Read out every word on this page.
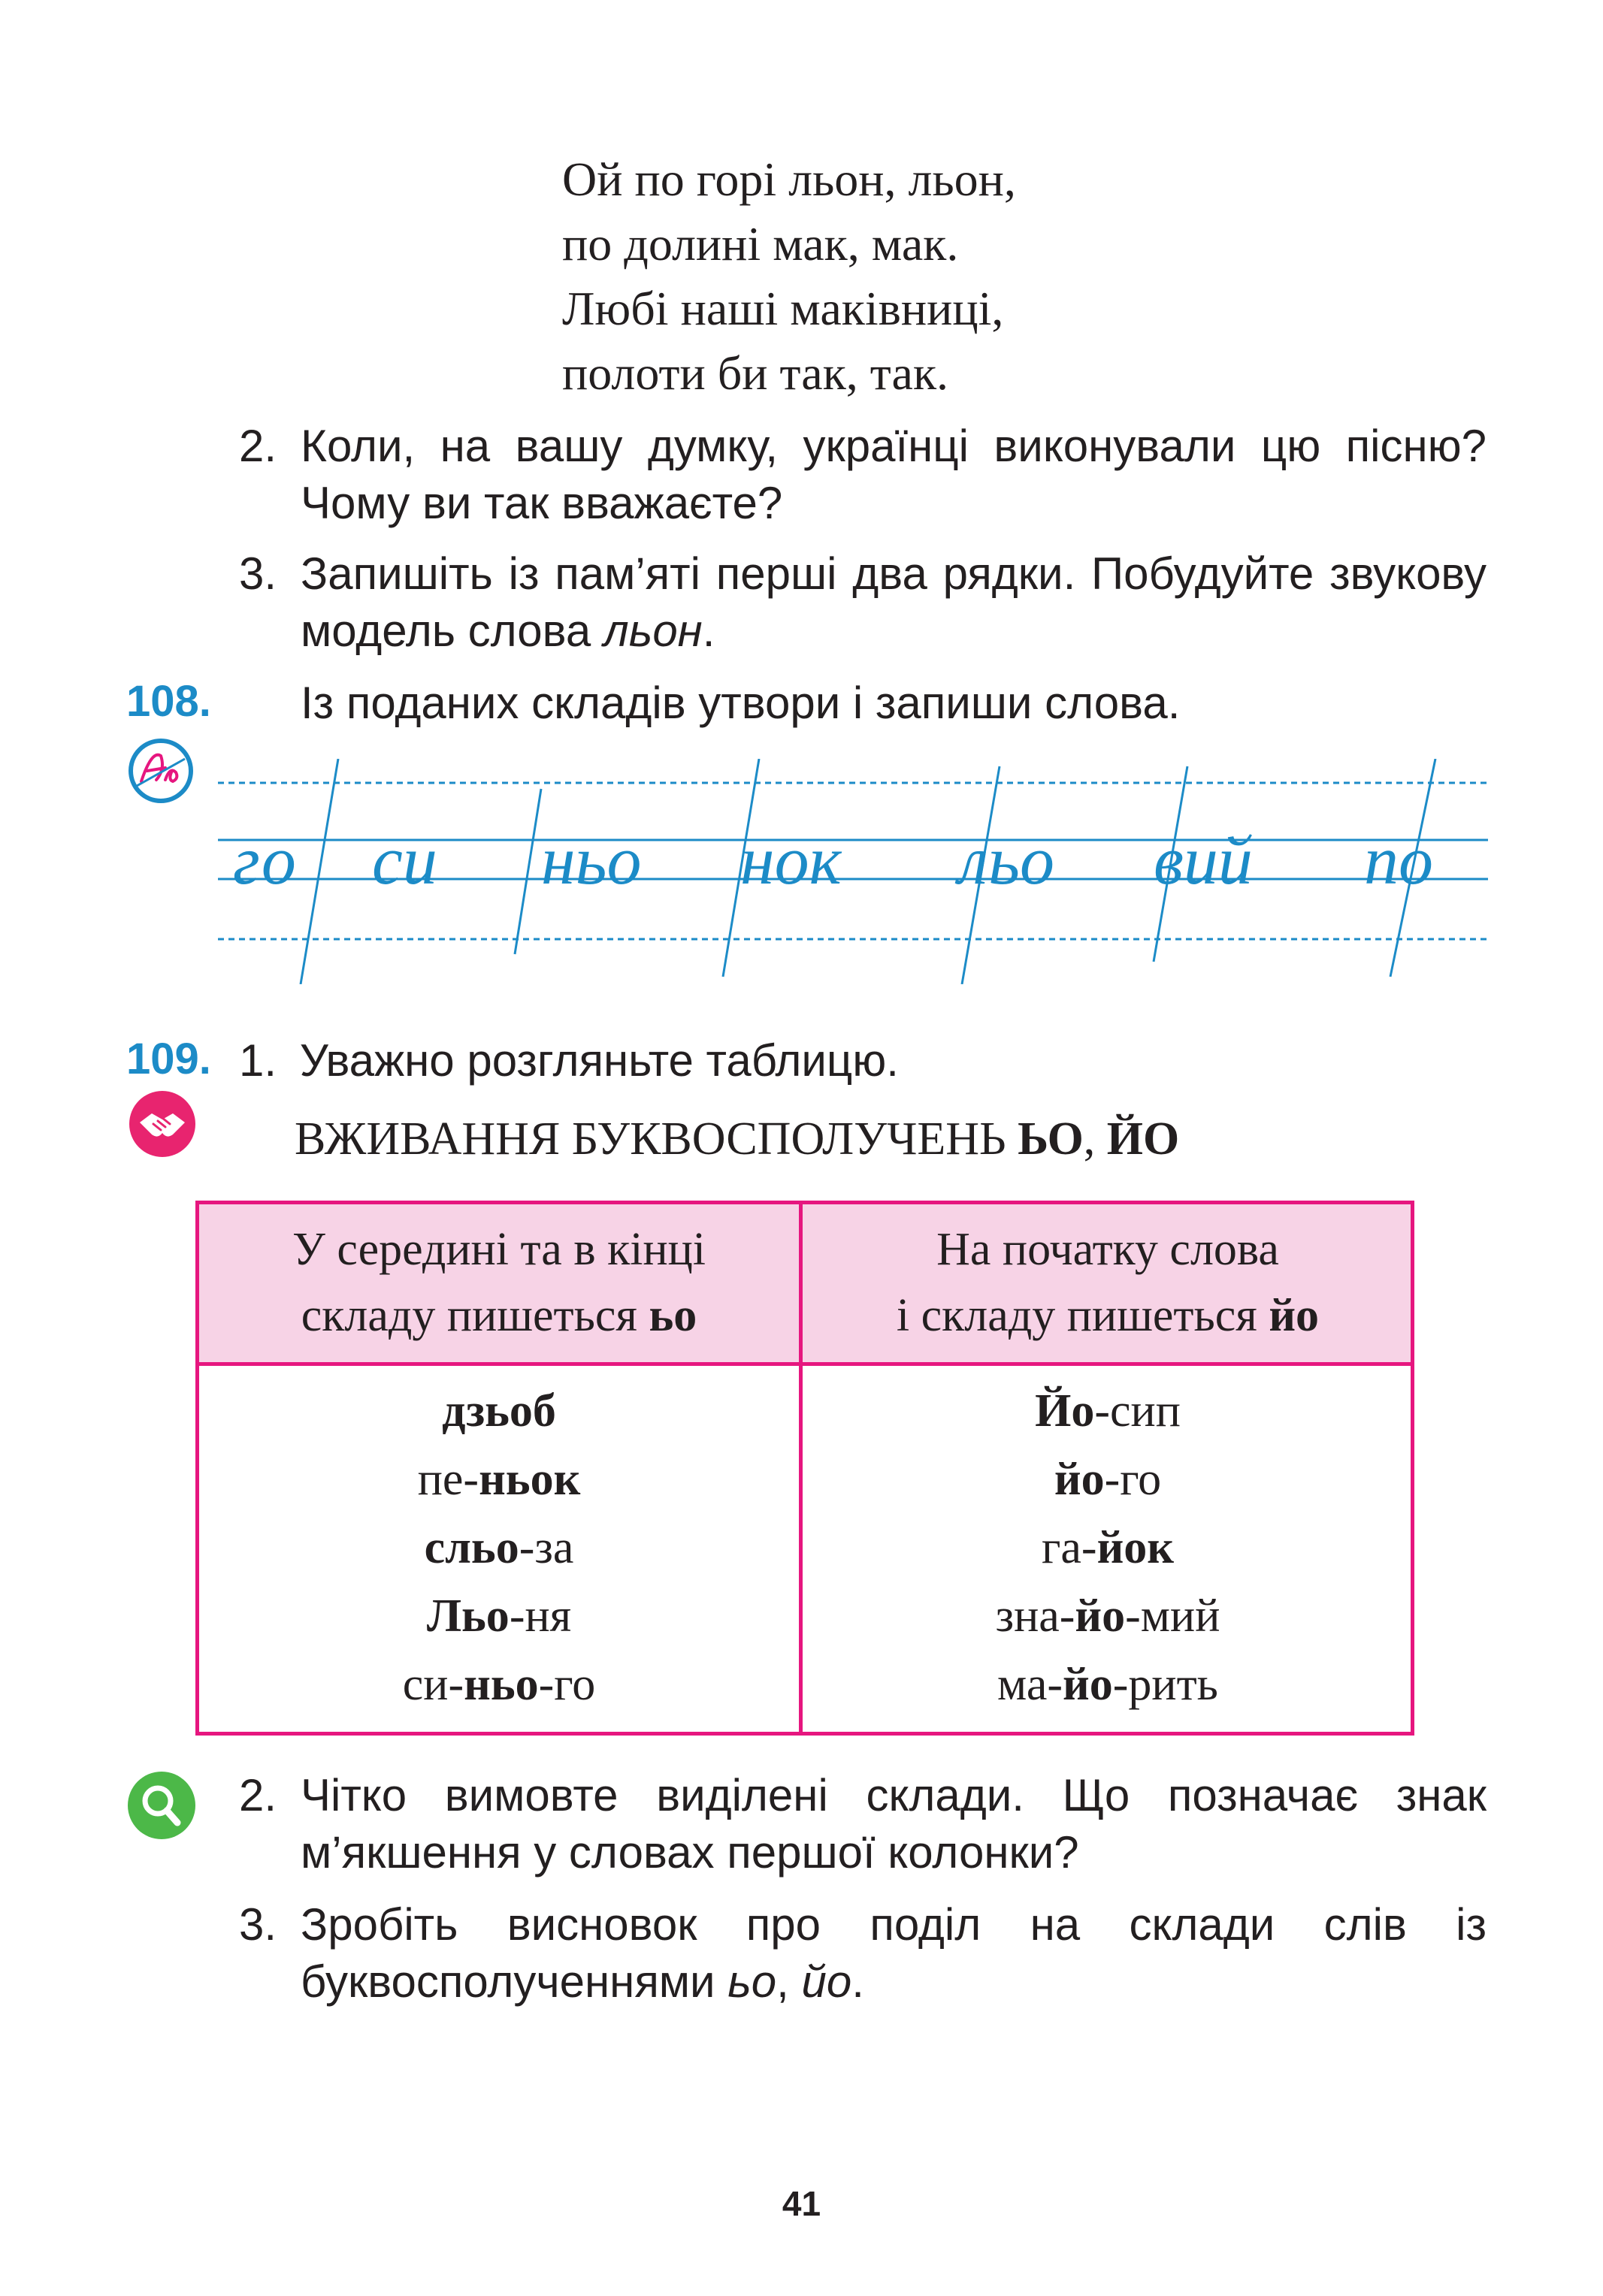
Ой по горі льон, льон,
по долині мак, мак.
Любі наші маківниці,
полоти би так, так.
2. Коли, на вашу думку, українці виконували цю пісню? Чому ви так вважаєте?
3. Запишіть із пам’яті перші два рядки. Побудуйте звукову модель слова льон.
108. Із поданих складів утвори і запиши слова.
го си ньо нок льо вий по
109. 1. Уважно розгляньте таблицю.
ВЖИВАННЯ БУКВОСПОЛУЧЕНЬ ЬО, ЙО
У середині та в кінці
складу пишеться ьо
На початку слова
і складу пишеться йо
дзьоб
пе-ньок
сльо-за
Льо-ня
си-ньо-го
Йо-сип
йо-го
га-йок
зна-йо-мий
ма-йо-рить
2. Чітко вимовте виділені склади. Що позначає знак м’якшення у словах першої колонки?
3. Зробіть висновок про поділ на склади слів із буквосполученнями ьо, йо.
41
